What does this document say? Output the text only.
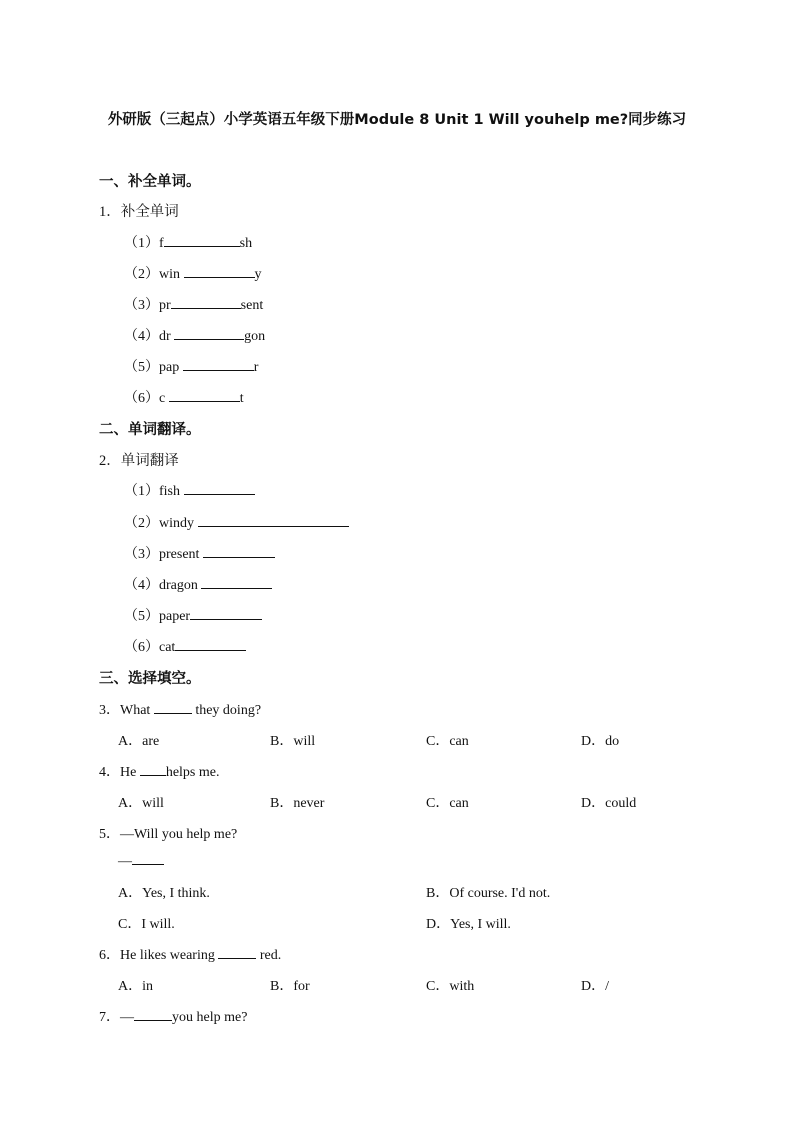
外研版（三起点）小学英语五年级下册Module 8 Unit 1 Will youhelp me?同步练习
一、补全单词。
1．补全单词
（1）f	sh
（2）win	y
（3）pr	sent
（4）dr	gon
（5）pap	r
（6）c	t
二、单词翻译。
2．单词翻译
（1）fish
（2）windy
（3）present
（4）dragon
（5）paper
（6）cat
三、选择填空。
3．What	they doing?
A．are	B．will	C．can	D．do
4．He helps me.
A．will	B．never	C．can	D．could
5．—Will you help me?
—
A．Yes, I think.	B．Of course. I'd not.
C．I will.	D．Yes, I will.
6．He likes wearing	red.
A．in	B．for	C．with	D．/
7．—	you help me?
